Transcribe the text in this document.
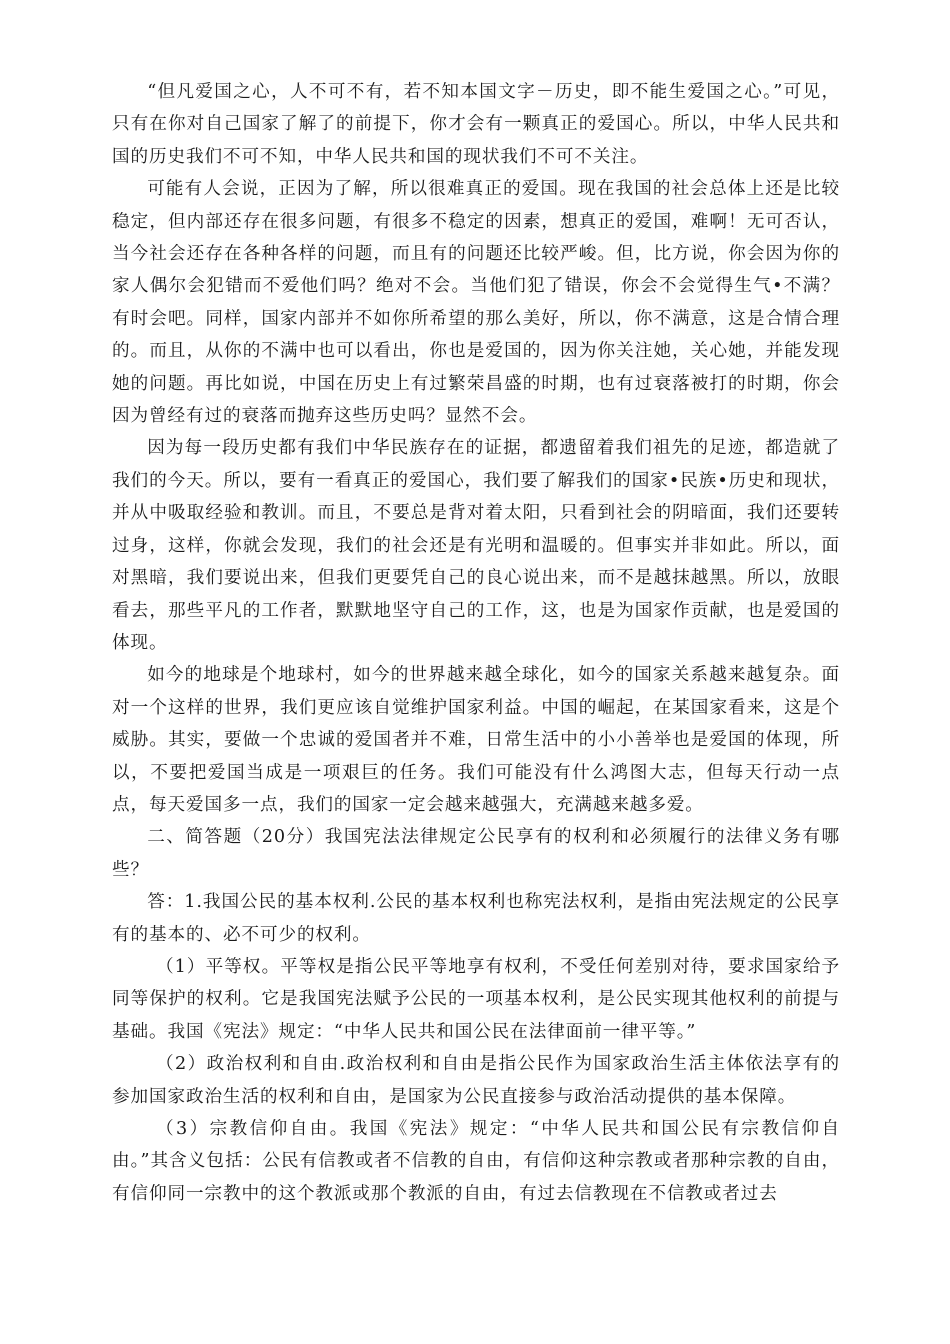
“但凡爱国之心，人不可不有，若不知本国文字－历史，即不能生爱国之心。”可见，只有在你对自己国家了解了的前提下，你才会有一颗真正的爱国心。所以，中华人民共和国的历史我们不可不知，中华人民共和国的现状我们不可不关注。

可能有人会说，正因为了解，所以很难真正的爱国。现在我国的社会总体上还是比较稳定，但内部还存在很多问题，有很多不稳定的因素，想真正的爱国，难啊！无可否认，当今社会还存在各种各样的问题，而且有的问题还比较严峻。但，比方说，你会因为你的家人偶尔会犯错而不爱他们吗？绝对不会。当他们犯了错误，你会不会觉得生气•不满？有时会吧。同样，国家内部并不如你所希望的那么美好，所以，你不满意，这是合情合理的。而且，从你的不满中也可以看出，你也是爱国的，因为你关注她，关心她，并能发现她的问题。再比如说，中国在历史上有过繁荣昌盛的时期，也有过衰落被打的时期，你会因为曾经有过的衰落而抛弃这些历史吗？显然不会。

因为每一段历史都有我们中华民族存在的证据，都遗留着我们祖先的足迹，都造就了我们的今天。所以，要有一看真正的爱国心，我们要了解我们的国家•民族•历史和现状，并从中吸取经验和教训。而且，不要总是背对着太阳，只看到社会的阴暗面，我们还要转过身，这样，你就会发现，我们的社会还是有光明和温暖的。但事实并非如此。所以，面对黑暗，我们要说出来，但我们更要凭自己的良心说出来，而不是越抹越黑。所以，放眼看去，那些平凡的工作者，默默地坚守自己的工作，这，也是为国家作贡献，也是爱国的体现。

如今的地球是个地球村，如今的世界越来越全球化，如今的国家关系越来越复杂。面对一个这样的世界，我们更应该自觉维护国家利益。中国的崛起，在某国家看来，这是个威胁。其实，要做一个忠诚的爱国者并不难，日常生活中的小小善举也是爱国的体现，所以，不要把爱国当成是一项艰巨的任务。我们可能没有什么鸿图大志，但每天行动一点点，每天爱国多一点，我们的国家一定会越来越强大，充满越来越多爱。

二、简答题（20分）我国宪法法律规定公民享有的权利和必须履行的法律义务有哪些？

答：1.我国公民的基本权利.公民的基本权利也称宪法权利，是指由宪法规定的公民享有的基本的、必不可少的权利。

（1）平等权。平等权是指公民平等地享有权利，不受任何差别对待，要求国家给予同等保护的权利。它是我国宪法赋予公民的一项基本权利，是公民实现其他权利的前提与基础。我国《宪法》规定：“中华人民共和国公民在法律面前一律平等。”

（2）政治权利和自由.政治权利和自由是指公民作为国家政治生活主体依法享有的参加国家政治生活的权利和自由，是国家为公民直接参与政治活动提供的基本保障。

（3）宗教信仰自由。我国《宪法》规定：“中华人民共和国公民有宗教信仰自由。”其含义包括：公民有信教或者不信教的自由，有信仰这种宗教或者那种宗教的自由，有信仰同一宗教中的这个教派或那个教派的自由，有过去信教现在不信教或者过去
